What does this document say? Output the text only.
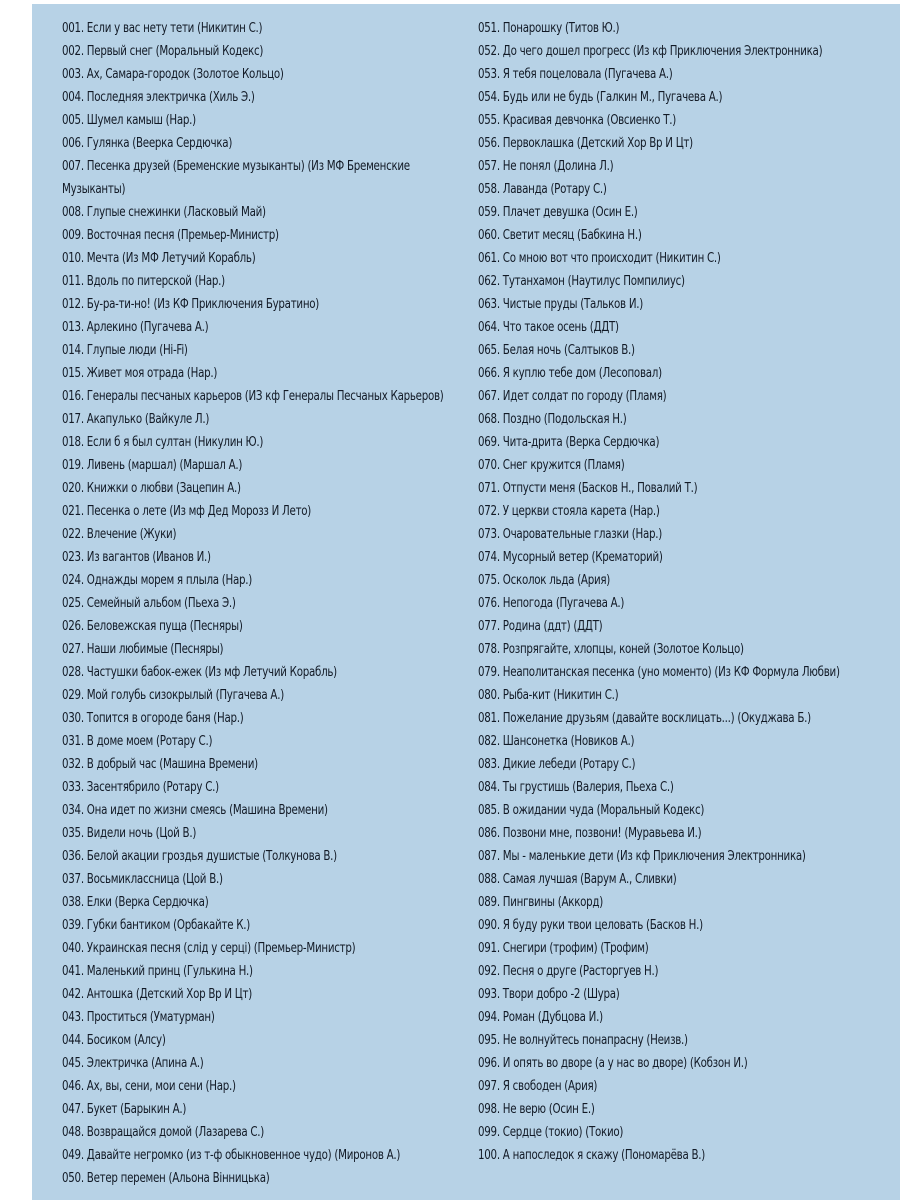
001. Если у вас нету тети (Никитин С.)
002. Первый снег (Моральный Кодекс)
003. Ах, Самара-городок (Золотое Кольцо)
004. Последняя электричка (Хиль Э.)
005. Шумел камыш (Нар.)
006. Гулянка (Веерка Сердючка)
007. Песенка друзей (Бременские музыканты) (Из МФ Бременские Музыканты)
008. Глупые снежинки (Ласковый Май)
009. Восточная песня (Премьер-Министр)
010. Мечта (Из МФ Летучий Корабль)
011. Вдоль по питерской (Нар.)
012. Бу-ра-ти-но! (Из КФ Приключения Буратино)
013. Арлекино (Пугачева А.)
014. Глупые люди (Hi-Fi)
015. Живет моя отрада (Нар.)
016. Генералы песчаных карьеров (ИЗ кф Генералы Песчаных Карьеров)
017. Акапулько (Вайкуле Л.)
018. Если б я был султан (Никулин Ю.)
019. Ливень (маршал) (Маршал А.)
020. Книжки о любви (Зацепин А.)
021. Песенка о лете (Из мф Дед Морозз И Лето)
022. Влечение (Жуки)
023. Из вагантов (Иванов И.)
024. Однажды морем я плыла (Нар.)
025. Семейный альбом (Пьеха Э.)
026. Беловежская пуща (Песняры)
027. Наши любимые (Песняры)
028. Частушки бабок-ежек (Из мф Летучий Корабль)
029. Мой голубь сизокрылый (Пугачева А.)
030. Топится в огороде баня (Нар.)
031. В доме моем (Ротару С.)
032. В добрый час (Машина Времени)
033. Засентябрило (Ротару С.)
034. Она идет по жизни смеясь (Машина Времени)
035. Видели ночь (Цой В.)
036. Белой акации гроздья душистые (Толкунова В.)
037. Восьмиклассница (Цой В.)
038. Елки (Верка Сердючка)
039. Губки бантиком (Орбакайте К.)
040. Украинская песня (слiд у серцi) (Премьер-Министр)
041. Маленький принц (Гулькина Н.)
042. Антошка (Детский Хор Вр И Цт)
043. Проститься (Уматурман)
044. Босиком (Алсу)
045. Электричка (Апина А.)
046. Ах, вы, сени, мои сени (Нар.)
047. Букет (Барыкин А.)
048. Возвращайся домой (Лазарева С.)
049. Давайте негромко (из т-ф обыкновенное чудо) (Миронов А.)
050. Ветер перемен (Альона Вінницька)
051. Понарошку (Титов Ю.)
052. До чего дошел прогресс (Из кф Приключения Электронника)
053. Я тебя поцеловала (Пугачева А.)
054. Будь или не будь (Галкин М., Пугачева А.)
055. Красивая девчонка (Овсиенко Т.)
056. Первоклашка (Детский Хор Вр И Цт)
057. Не понял (Долина Л.)
058. Лаванда (Ротару С.)
059. Плачет девушка (Осин Е.)
060. Светит месяц (Бабкина Н.)
061. Со мною вот что происходит (Никитин С.)
062. Тутанхамон (Наутилус Помпилиус)
063. Чистые пруды (Тальков И.)
064. Что такое осень (ДДТ)
065. Белая ночь (Салтыков В.)
066. Я куплю тебе дом (Лесоповал)
067. Идет солдат по городу (Пламя)
068. Поздно (Подольская Н.)
069. Чита-дрита (Верка Сердючка)
070. Снег кружится (Пламя)
071. Отпусти меня (Басков Н., Повалий Т.)
072. У церкви стояла карета (Нар.)
073. Очаровательные глазки (Нар.)
074. Мусорный ветер (Крематорий)
075. Осколок льда (Ария)
076. Непогода (Пугачева А.)
077. Родина (ддт) (ДДТ)
078. Розпрягайте, хлопцы, коней (Золотое Кольцо)
079. Неаполитанская песенка (уно моменто) (Из КФ Формула Любви)
080. Рыба-кит (Никитин С.)
081. Пожелание друзьям (давайте восклицать...) (Окуджава Б.)
082. Шансонетка (Новиков А.)
083. Дикие лебеди (Ротару С.)
084. Ты грустишь (Валерия, Пьеха С.)
085. В ожидании чуда (Моральный Кодекс)
086. Позвони мне, позвони! (Муравьева И.)
087. Мы - маленькие дети (Из кф Приключения Электронника)
088. Самая лучшая (Варум А., Сливки)
089. Пингвины (Аккорд)
090. Я буду руки твои целовать (Басков Н.)
091. Снегири (трофим) (Трофим)
092. Песня о друге (Расторгуев Н.)
093. Твори добро -2 (Шура)
094. Роман (Дубцова И.)
095. Не волнуйтесь понапрасну (Неизв.)
096. И опять во дворе (а у нас во дворе) (Кобзон И.)
097. Я свободен (Ария)
098. Не верю (Осин Е.)
099. Сердце (токио) (Токио)
100. А напоследок я скажу (Пономарёва В.)
